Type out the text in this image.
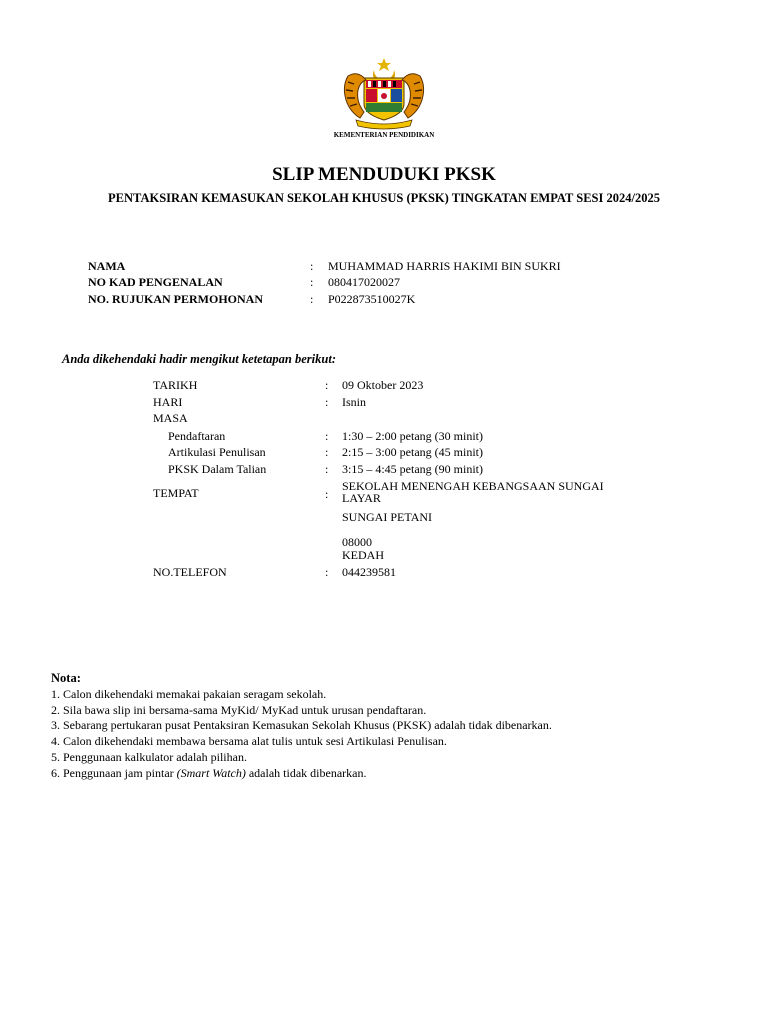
KEMENTERIAN PENDIDIKAN
SLIP MENDUDUKI PKSK
PENTAKSIRAN KEMASUKAN SEKOLAH KHUSUS (PKSK) TINGKATAN EMPAT SESI 2024/2025
NAMA	: MUHAMMAD HARRIS HAKIMI BIN SUKRI
NO KAD PENGENALAN	: 080417020027
NO. RUJUKAN PERMOHONAN	: P022873510027K
Anda dikehendaki hadir mengikut ketetapan berikut:
TARIKH	: 09 Oktober 2023
HARI	: Isnin
MASA
Pendaftaran	: 1:30 – 2:00 petang (30 minit)
Artikulasi Penulisan	: 2:15 – 3:00 petang (45 minit)
PKSK Dalam Talian	: 3:15 – 4:45 petang (90 minit)
TEMPAT	:
SEKOLAH MENENGAH KEBANGSAAN SUNGAI
LAYAR
SUNGAI PETANI
08000
KEDAH
NO.TELEFON	: 044239581
Nota:
1. Calon dikehendaki memakai pakaian seragam sekolah.
2. Sila bawa slip ini bersama-sama MyKid/ MyKad untuk urusan pendaftaran.
3. Sebarang pertukaran pusat Pentaksiran Kemasukan Sekolah Khusus (PKSK) adalah tidak dibenarkan.
4. Calon dikehendaki membawa bersama alat tulis untuk sesi Artikulasi Penulisan.
5. Penggunaan kalkulator adalah pilihan.
6. Penggunaan jam pintar (Smart Watch) adalah tidak dibenarkan.
